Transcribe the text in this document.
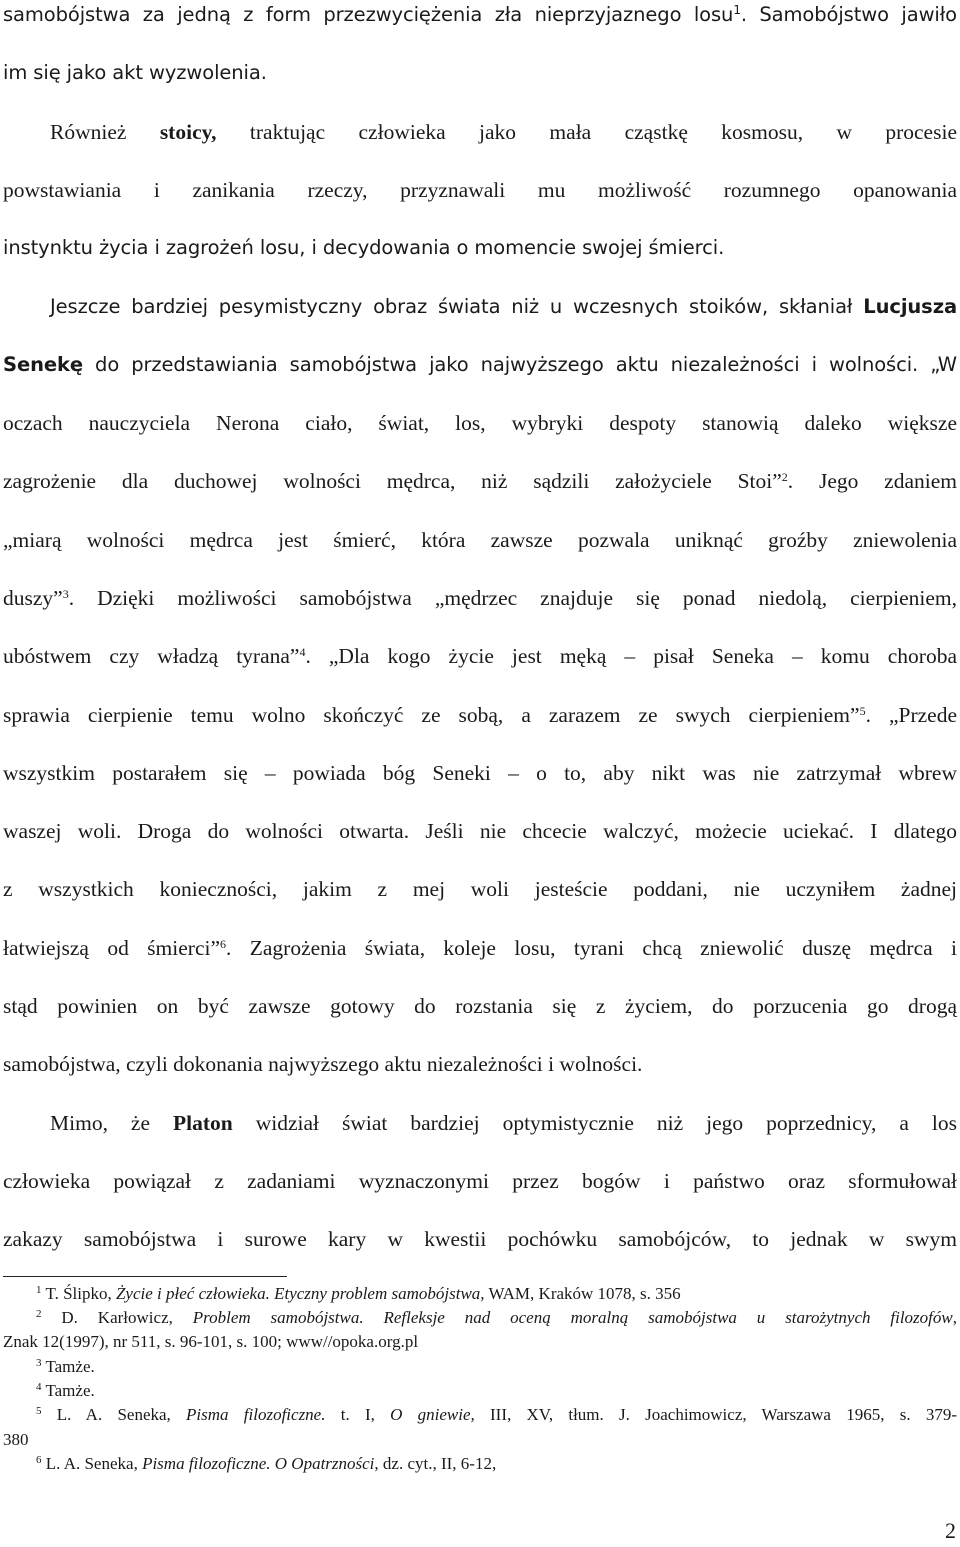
samobójstwa za jedną z form przezwyciężenia zła nieprzyjaznego losu$^1$. Samobójstwo jawiło
im się jako akt wyzwolenia.
Również stoicy, traktując człowieka jako mała cząstkę kosmosu, w procesie
powstawiania i zanikania rzeczy, przyznawali mu możliwość rozumnego opanowania
instynktu życia i zagrożeń losu, i decydowania o momencie swojej śmierci.
Jeszcze bardziej pesymistyczny obraz świata niż u wczesnych stoików, skłaniał Lucjusza
Senekę do przedstawiania samobójstwa jako najwyższego aktu niezależności i wolności. „W
oczach nauczyciela Nerona ciało, świat, los, wybryki despoty stanowią daleko większe
zagrożenie dla duchowej wolności mędrca, niż sądzili założyciele Stoi”$^2$. Jego zdaniem
„miarą wolności mędrca jest śmierć, która zawsze pozwala uniknąć groźby zniewolenia
duszy”$^3$. Dzięki możliwości samobójstwa „mędrzec znajduje się ponad niedolą, cierpieniem,
ubóstwem czy władzą tyrana”$^4$. „Dla kogo życie jest męką – pisał Seneka – komu choroba
sprawia cierpienie temu wolno skończyć ze sobą, a zarazem ze swych cierpieniem”$^5$. „Przede
wszystkim postarałem się – powiada bóg Seneki – o to, aby nikt was nie zatrzymał wbrew
waszej woli. Droga do wolności otwarta. Jeśli nie chcecie walczyć, możecie uciekać. I dlatego
z wszystkich konieczności, jakim z mej woli jesteście poddani, nie uczyniłem żadnej
łatwiejszą od śmierci”$^6$. Zagrożenia świata, koleje losu, tyrani chcą zniewolić duszę mędrca i
stąd powinien on być zawsze gotowy do rozstania się z życiem, do porzucenia go drogą
samobójstwa, czyli dokonania najwyższego aktu niezależności i wolności.
Mimo, że Platon widział świat bardziej optymistycznie niż jego poprzednicy, a los
człowieka powiązał z zadaniami wyznaczonymi przez bogów i państwo oraz sformułował
zakazy samobójstwa i surowe kary w kwestii pochówku samobójców, to jednak w swym
$^1$ T. Ślipko, Życie i płeć człowieka. Etyczny problem samobójstwa, WAM, Kraków 1078, s. 356
$^2$ D. Karłowicz, Problem samobójstwa. Refleksje nad oceną moralną samobójstwa u starożytnych filozofów,
Znak 12(1997), nr 511, s. 96-101, s. 100; www//opoka.org.pl
$^3$ Tamże.
$^4$ Tamże.
$^5$ L. A. Seneka, Pisma filozoficzne. t. I, O gniewie, III, XV, tłum. J. Joachimowicz, Warszawa 1965, s. 379-
380
$^6$ L. A. Seneka, Pisma filozoficzne. O Opatrzności, dz. cyt., II, 6-12,
2
